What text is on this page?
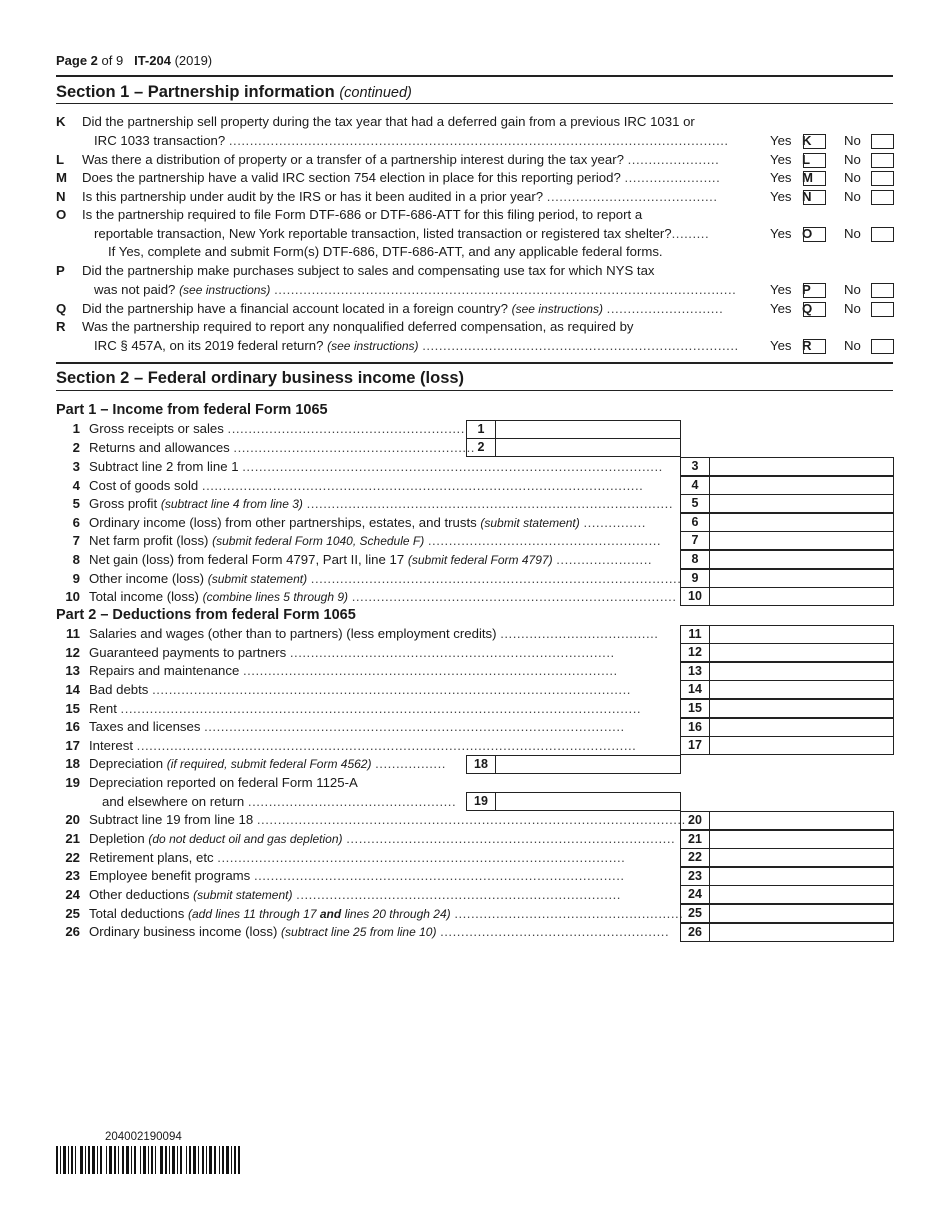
Page 2 of 9 IT-204 (2019)
Section 1 – Partnership information (continued)
K Did the partnership sell property during the tax year that had a deferred gain from a previous IRC 1031 or
IRC 1033 transaction? ........................................................................................................................	K
Yes	No
L Was there a distribution of property or a transfer of a partnership interest during the tax year? ......................	L
Yes	No
M Does the partnership have a valid IRC section 754 election in place for this reporting period? .......................	M
Yes	No
N Is this partnership under audit by the IRS or has it been audited in a prior year? .........................................	N
Yes	No
O Is the partnership required to file Form DTF-686 or DTF-686-ATT for this filing period, to report a
reportable transaction, New York reportable transaction, listed transaction or registered tax shelter?.........	O
Yes	No
If Yes, complete and submit Form(s) DTF-686, DTF-686-ATT, and any applicable federal forms.
P Did the partnership make purchases subject to sales and compensating use tax for which NYS tax
was not paid? (see instructions) ...............................................................................................................	P
Yes	No
Q Did the partnership have a financial account located in a foreign country? (see instructions) ............................	Q
Yes	No
R Was the partnership required to report any nonqualified deferred compensation, as required by
IRC § 457A, on its 2019 federal return? (see instructions) ............................................................................	R
Yes	No
Section 2 – Federal ordinary business income (loss)
Part 1 – Income from federal Form 1065
1 Gross receipts or sales .........................................................	1
2 Returns and allowances .......................................................... 2
3 Subtract line 2 from line 1 .....................................................................................................	3
4 Cost of goods sold ..........................................................................................................	4
5 Gross profit (subtract line 4 from line 3) ........................................................................................	5
6 Ordinary income (loss) from other partnerships, estates, and trusts (submit statement) ...............	6
7 Net farm profit (loss) (submit federal Form 1040, Schedule F) ........................................................	7
8 Net gain (loss) from federal Form 4797, Part II, line 17 (submit federal Form 4797) .......................	8
9 Other income (loss) (submit statement) ......................................................................................... 9
10 Total income (loss) (combine lines 5 through 9) .............................................................................. 10
Part 2 – Deductions from federal Form 1065
11 Salaries and wages (other than to partners) (less employment credits) ......................................	11
12 Guaranteed payments to partners ..............................................................................	12
13 Repairs and maintenance ..........................................................................................	13
14 Bad debts ...................................................................................................................	14
15 Rent .............................................................................................................................	15
16 Taxes and licenses .....................................................................................................	16
17 Interest ........................................................................................................................	17
18 Depreciation (if required, submit federal Form 4562) .................	18
19 Depreciation reported on federal Form 1125-A
and elsewhere on return ..................................................	19
20 Subtract line 19 from line 18 ....................................................................................................... 20
21 Depletion (do not deduct oil and gas depletion) ...............................................................................	21
22 Retirement plans, etc ..................................................................................................	22
23 Employee benefit programs .........................................................................................	23
24 Other deductions (submit statement) ..............................................................................	24
25 Total deductions (add lines 11 through 17 and lines 20 through 24) ....................................................... 25
26 Ordinary business income (loss) (subtract line 25 from line 10) .......................................................	26
204002190094
